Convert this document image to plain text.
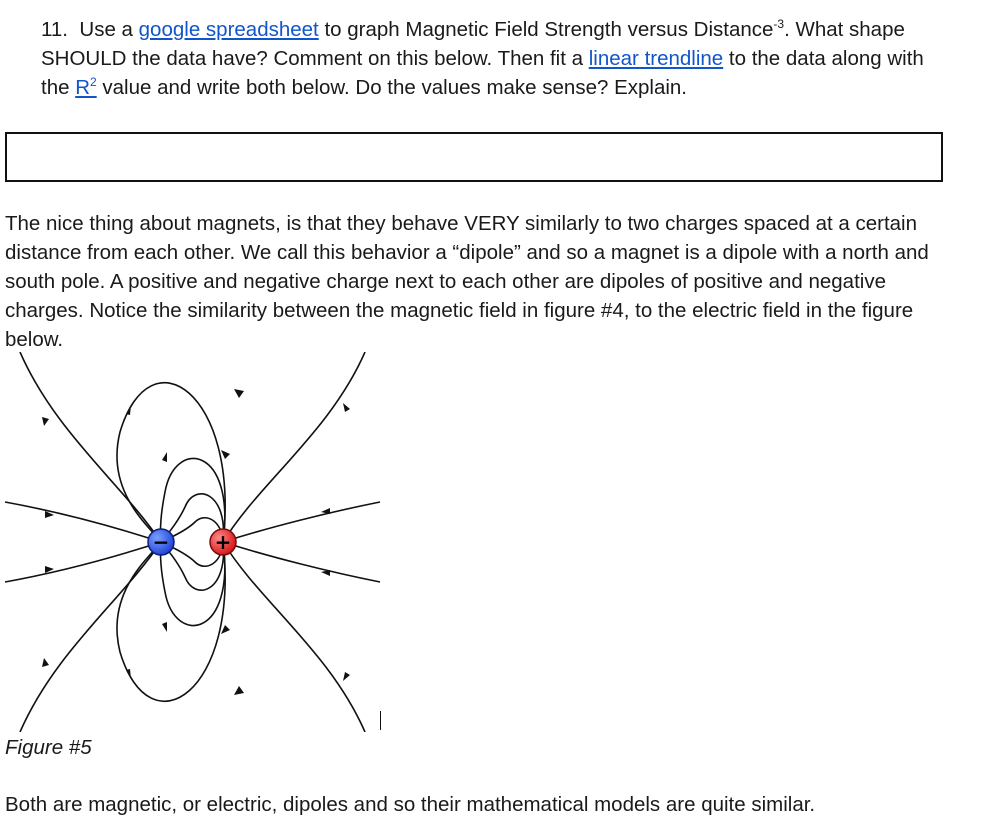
11. Use a google spreadsheet to graph Magnetic Field Strength versus Distance$^{-3}$. What shape SHOULD the data have? Comment on this below. Then fit a linear trendline to the data along with the R$^2$ value and write both below. Do the values make sense? Explain.

The nice thing about magnets, is that they behave VERY similarly to two charges spaced at a certain distance from each other. We call this behavior a “dipole” and so a magnet is a dipole with a north and south pole. A positive and negative charge next to each other are dipoles of positive and negative charges. Notice the similarity between the magnetic field in figure #4, to the electric field in the figure below.

− +
Figure #5

Both are magnetic, or electric, dipoles and so their mathematical models are quite similar.
